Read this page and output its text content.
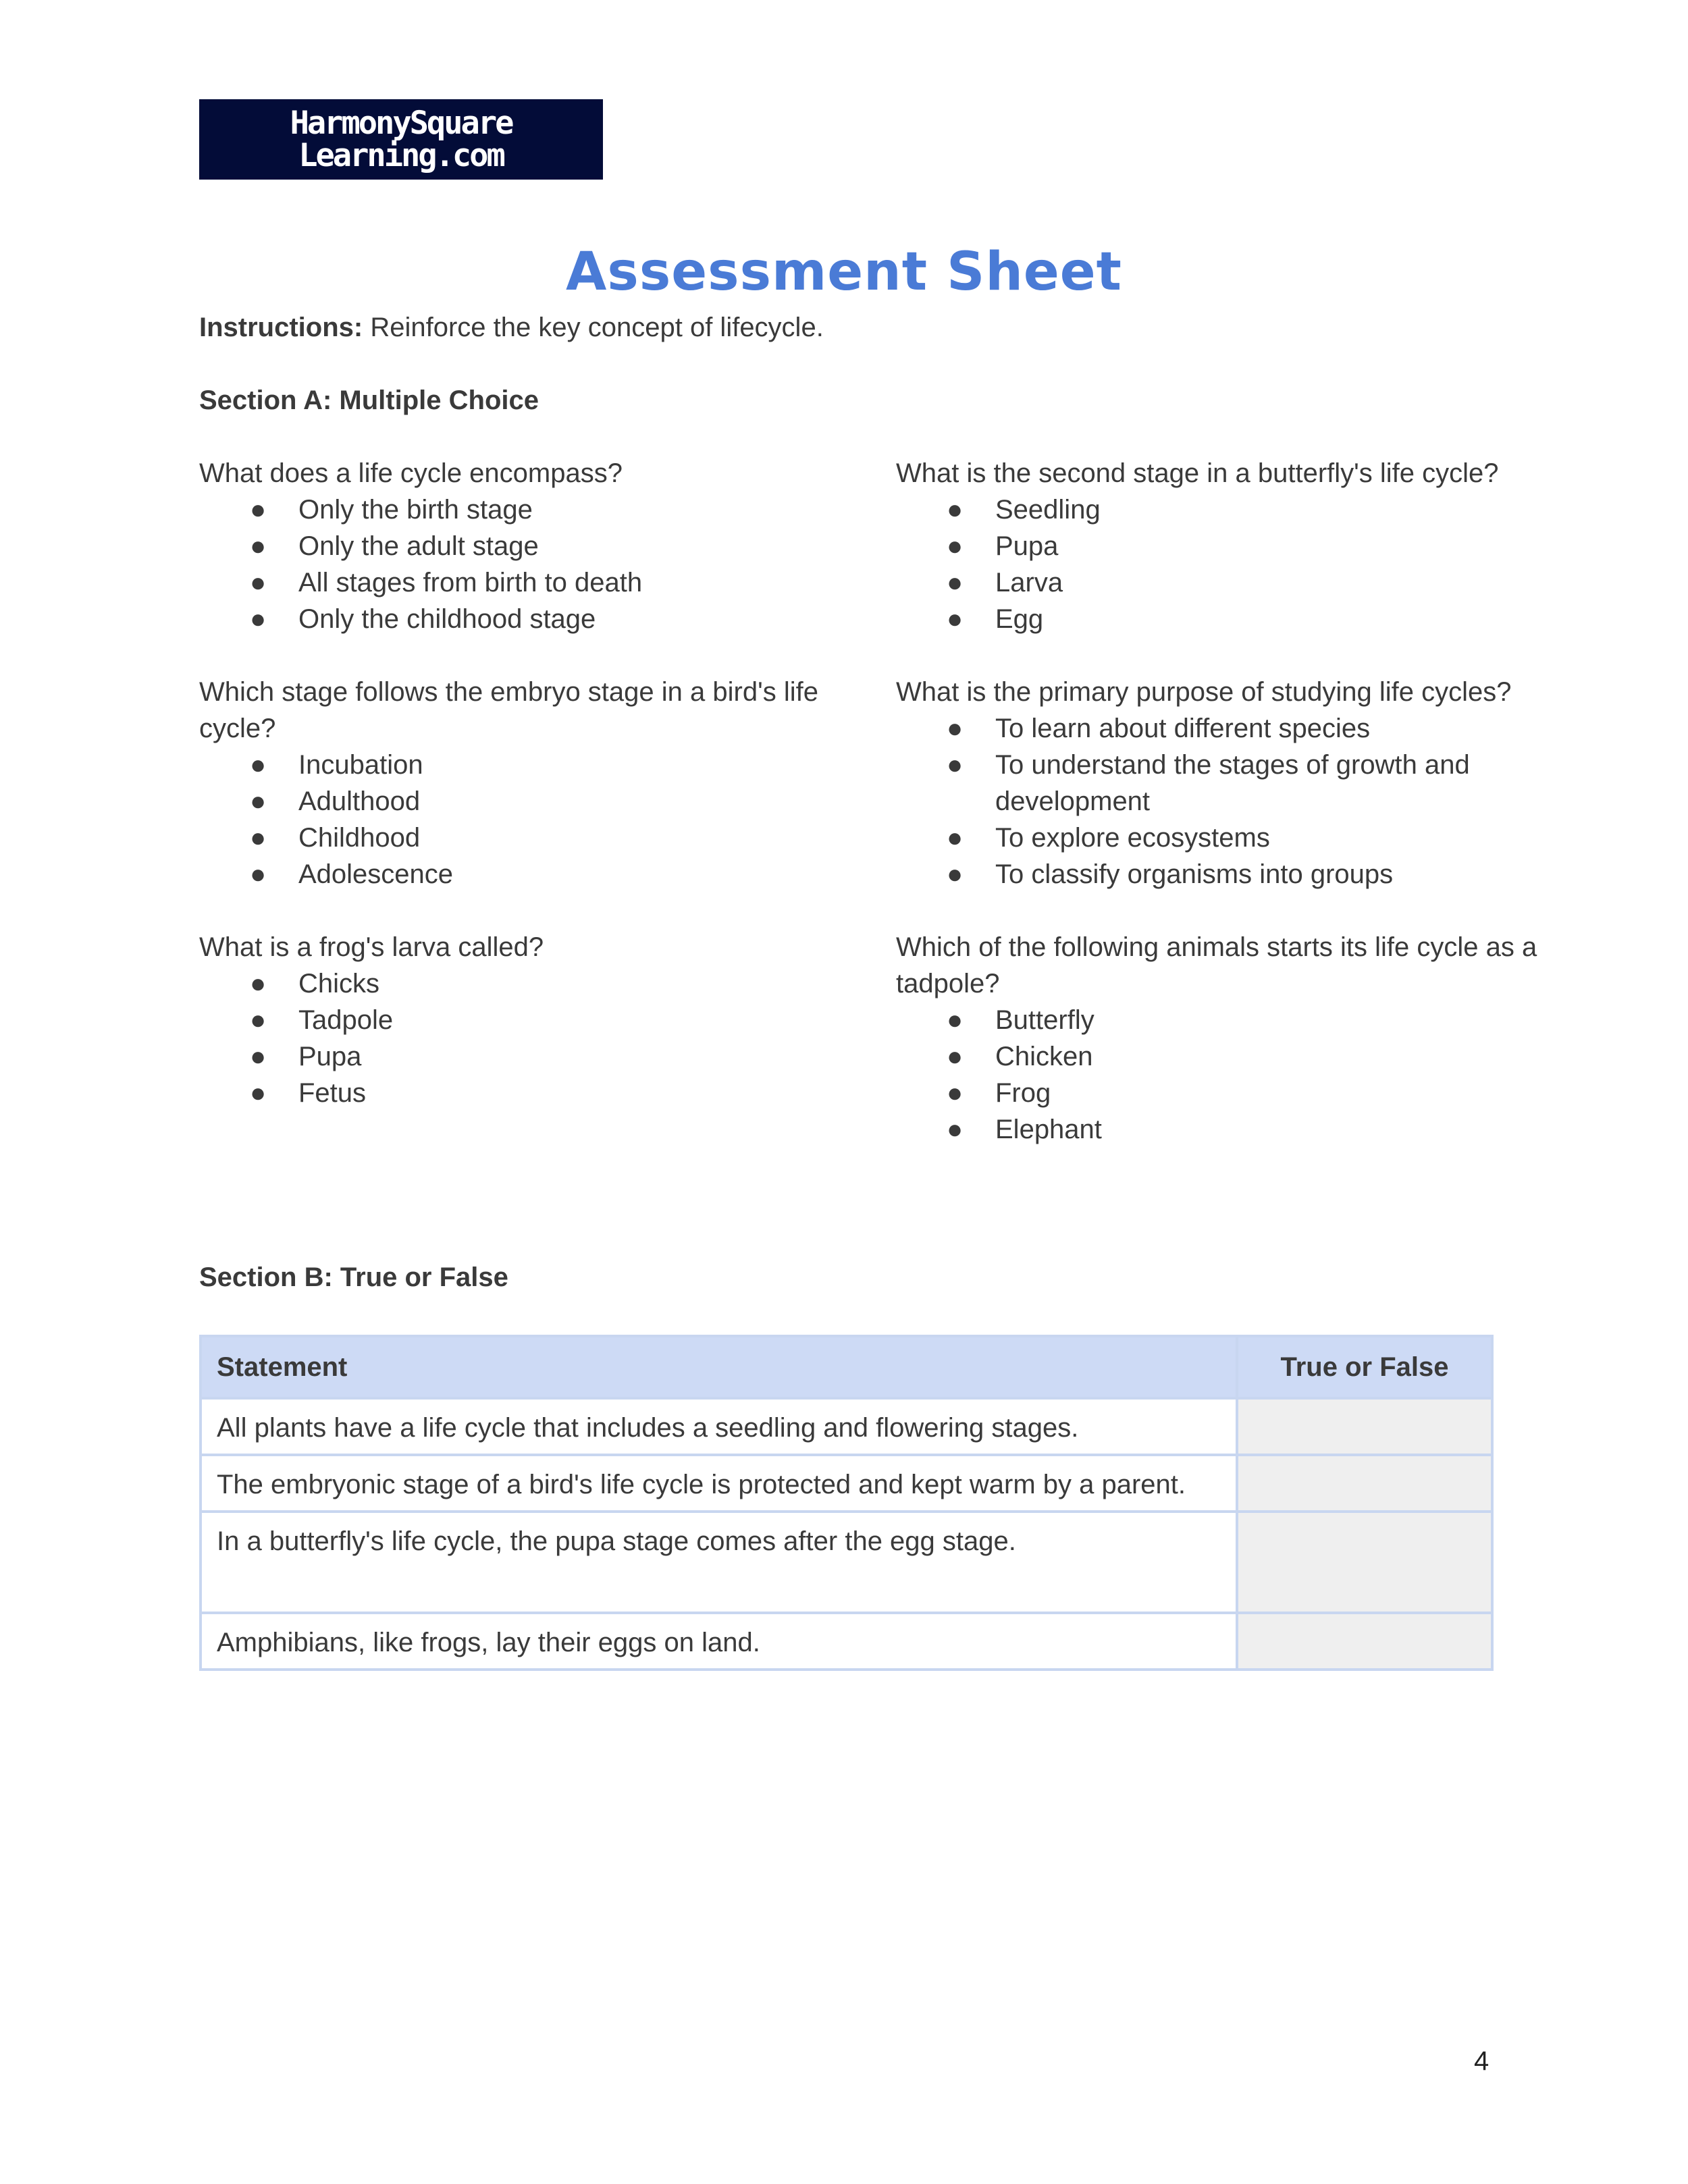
HarmonySquare
Learning.com
Assessment Sheet
Instructions: Reinforce the key concept of lifecycle.
Section A: Multiple Choice
What does a life cycle encompass?
● Only the birth stage
● Only the adult stage
● All stages from birth to death
● Only the childhood stage
Which stage follows the embryo stage in a bird's life cycle?
● Incubation
● Adulthood
● Childhood
● Adolescence
What is a frog's larva called?
● Chicks
● Tadpole
● Pupa
● Fetus
What is the second stage in a butterfly's life cycle?
● Seedling
● Pupa
● Larva
● Egg
What is the primary purpose of studying life cycles?
● To learn about different species
● To understand the stages of growth and development
● To explore ecosystems
● To classify organisms into groups
Which of the following animals starts its life cycle as a tadpole?
● Butterfly
● Chicken
● Frog
● Elephant
Section B: True or False
Statement	True or False
All plants have a life cycle that includes a seedling and flowering stages.	
The embryonic stage of a bird's life cycle is protected and kept warm by a parent.	
In a butterfly's life cycle, the pupa stage comes after the egg stage.	
Amphibians, like frogs, lay their eggs on land.	
4
